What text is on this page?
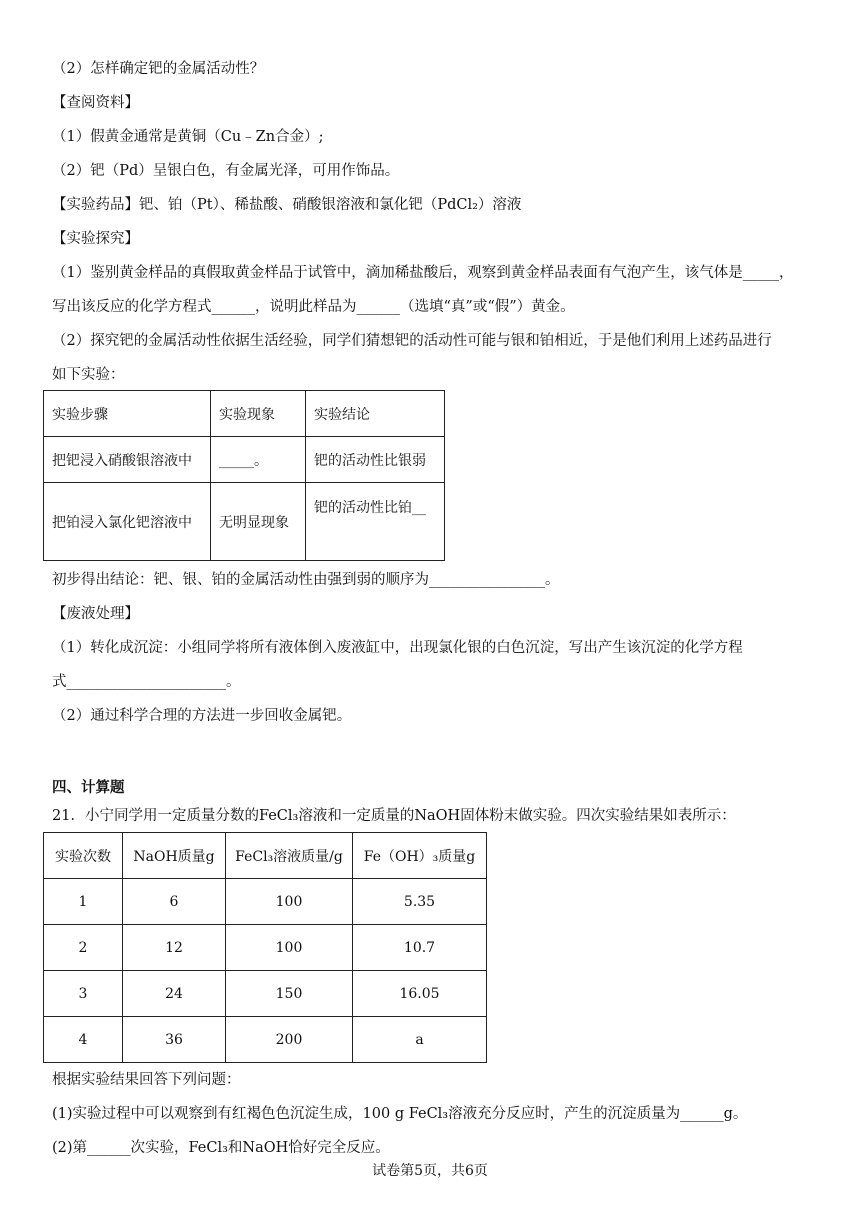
（2）怎样确定钯的金属活动性？
【查阅资料】
（1）假黄金通常是黄铜（Cu﹣Zn合金）;
（2）钯（Pd）呈银白色，有金属光泽，可用作饰品。
【实验药品】钯、铂（Pt）、稀盐酸、硝酸银溶液和氯化钯（PdCl₂）溶液
【实验探究】
（1）鉴别黄金样品的真假取黄金样品于试管中，滴加稀盐酸后，观察到黄金样品表面有气泡产生，该气体是_____，
写出该反应的化学方程式______，说明此样品为______（选填“真”或“假”）黄金。
（2）探究钯的金属活动性依据生活经验，同学们猜想钯的活动性可能与银和铂相近，于是他们利用上述药品进行
如下实验：
实验步骤	实验现象	实验结论
把钯浸入硝酸银溶液中	_____。	钯的活动性比银弱
把铂浸入氯化钯溶液中	无明显现象	钯的活动性比铂__
初步得出结论：钯、银、铂的金属活动性由强到弱的顺序为________________。
【废液处理】
（1）转化成沉淀：小组同学将所有液体倒入废液缸中，出现氯化银的白色沉淀，写出产生该沉淀的化学方程
式______________________。
（2）通过科学合理的方法进一步回收金属钯。
四、计算题
21．小宁同学用一定质量分数的FeCl₃溶液和一定质量的NaOH固体粉末做实验。四次实验结果如表所示：
实验次数	NaOH质量g	FeCl₃溶液质量/g	Fe（OH）₃质量g
1	6	100	5.35
2	12	100	10.7
3	24	150	16.05
4	36	200	a
根据实验结果回答下列问题：
(1)实验过程中可以观察到有红褐色色沉淀生成，100 g FeCl₃溶液充分反应时，产生的沉淀质量为______g。
(2)第______次实验，FeCl₃和NaOH恰好完全反应。
试卷第5页，共6页
